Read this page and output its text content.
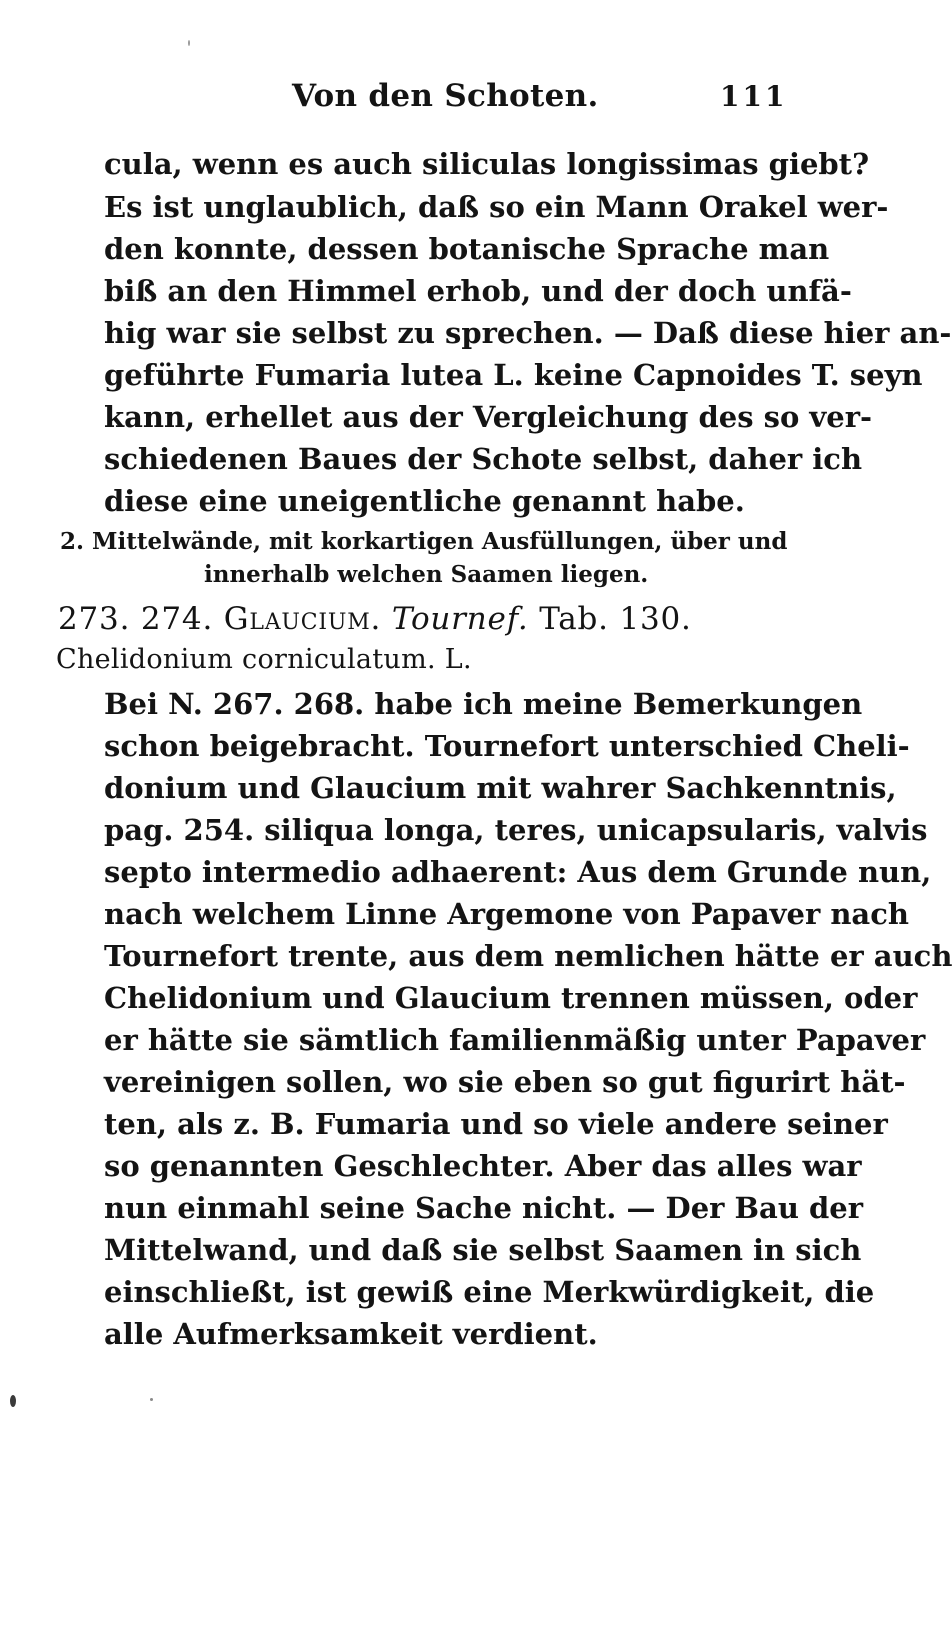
Von den Schoten.	111
cula, wenn es auch siliculas longissimas giebt?
Es ist unglaublich, daß so ein Mann Orakel wer-
den konnte, dessen botanische Sprache man
biß an den Himmel erhob, und der doch unfä-
hig war sie selbst zu sprechen. — Daß diese hier an-
geführte Fumaria lutea L. keine Capnoides T. seyn
kann, erhellet aus der Vergleichung des so ver-
schiedenen Baues der Schote selbst, daher ich
diese eine uneigentliche genannt habe.
2. Mittelwände, mit korkartigen Ausfüllungen, über und
innerhalb welchen Saamen liegen.
273. 274. Glaucium. Tournef. Tab. 130.
Chelidonium corniculatum. L.
Bei N. 267. 268. habe ich meine Bemerkungen
schon beigebracht. Tournefort unterschied Cheli-
donium und Glaucium mit wahrer Sachkenntnis,
pag. 254. siliqua longa, teres, unicapsularis, valvis
septo intermedio adhaerent: Aus dem Grunde nun,
nach welchem Linne Argemone von Papaver nach
Tournefort trente, aus dem nemlichen hätte er auch
Chelidonium und Glaucium trennen müssen, oder
er hätte sie sämtlich familienmäßig unter Papaver
vereinigen sollen, wo sie eben so gut figurirt hät-
ten, als z. B. Fumaria und so viele andere seiner
so genannten Geschlechter. Aber das alles war
nun einmahl seine Sache nicht. — Der Bau der
Mittelwand, und daß sie selbst Saamen in sich
einschließt, ist gewiß eine Merkwürdigkeit, die
alle Aufmerksamkeit verdient.
